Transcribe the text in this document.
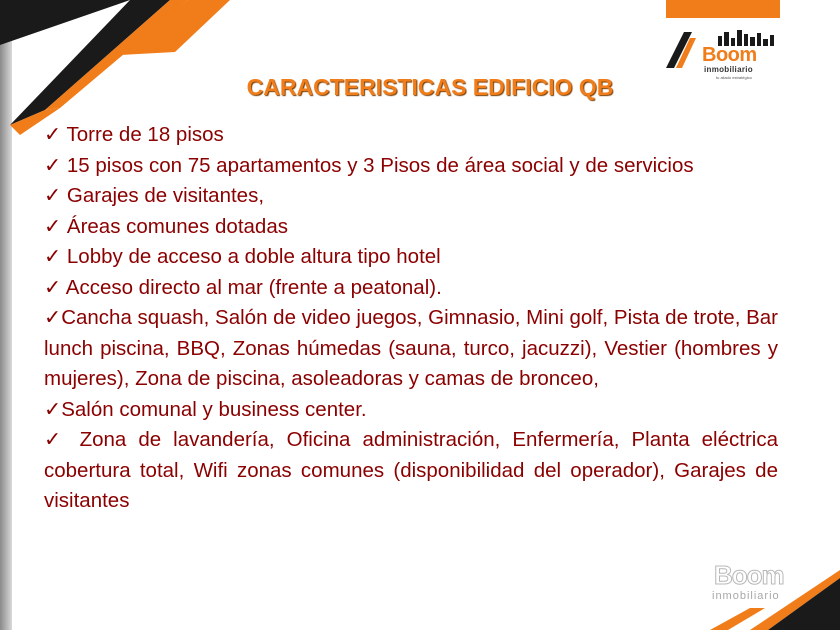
Boom
inmobiliario
tu aliado estratégico
CARACTERISTICAS EDIFICIO QB

✓ Torre de 18 pisos

✓ 15 pisos con 75 apartamentos y 3 Pisos de área social y de servicios

✓ Garajes de visitantes,

✓ Áreas comunes dotadas

✓ Lobby de acceso a doble altura tipo hotel

✓ Acceso directo al mar (frente a peatonal).

✓Cancha squash, Salón de video juegos, Gimnasio, Mini golf, Pista de trote, Bar lunch piscina, BBQ, Zonas húmedas (sauna, turco, jacuzzi), Vestier (hombres y mujeres), Zona de piscina, asoleadoras y camas de bronceo,

✓Salón comunal y business center.

✓ Zona de lavandería, Oficina administración, Enfermería, Planta eléctrica cobertura total, Wifi zonas comunes (disponibilidad del operador), Garajes de visitantes

Boom
inmobiliario
